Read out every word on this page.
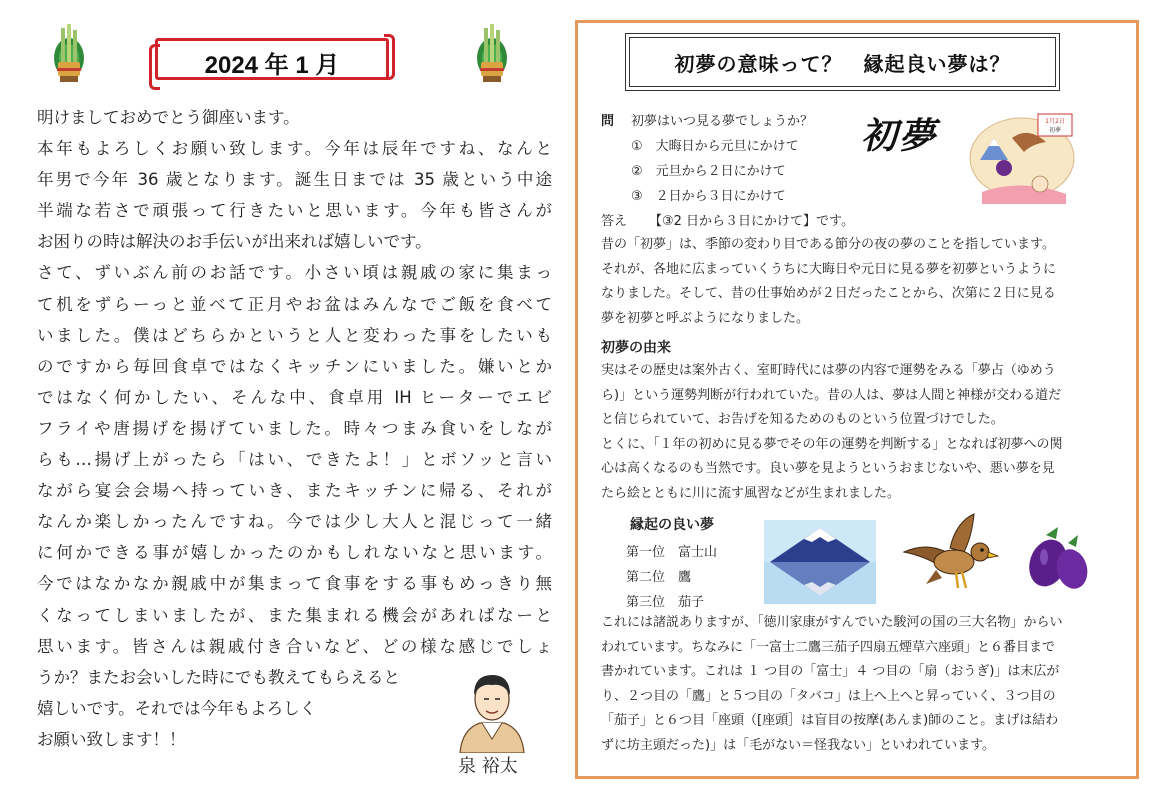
2024 年 1 月
明けましておめでとう御座います。
本年もよろしくお願い致します。今年は辰年ですね、なんと
年男で今年 36 歳となります。誕生日までは 35 歳という中途
半端な若さで頑張って行きたいと思います。今年も皆さんが
お困りの時は解決のお手伝いが出来れば嬉しいです。
さて、ずいぶん前のお話です。小さい頃は親戚の家に集まっ
て机をずらーっと並べて正月やお盆はみんなでご飯を食べて
いました。僕はどちらかというと人と変わった事をしたいも
のですから毎回食卓ではなくキッチンにいました。嫌いとか
ではなく何かしたい、そんな中、食卓用 IH ヒーターでエビ
フライや唐揚げを揚げていました。時々つまみ食いをしなが
らも…揚げ上がったら「はい、できたよ！」とボソッと言い
ながら宴会会場へ持っていき、またキッチンに帰る、それが
なんか楽しかったんですね。今では少し大人と混じって一緒
に何かできる事が嬉しかったのかもしれないなと思います。
今ではなかなか親戚中が集まって食事をする事もめっきり無
くなってしまいましたが、また集まれる機会があればなーと
思います。皆さんは親戚付き合いなど、どの様な感じでしょ
うか？またお会いした時にでも教えてもらえると
嬉しいです。それでは今年もよろしく
お願い致します！！
泉 裕太
初夢の意味って？　縁起良い夢は？
問 初夢はいつ見る夢でしょうか？
①　大晦日から元旦にかけて
②　元旦から２日にかけて
③　２日から３日にかけて
答え 【③2 日から３日にかけて】です。
初夢	1月2日
初夢

昔の「初夢」は、季節の変わり目である節分の夜の夢のことを指しています。

それが、各地に広まっていくうちに大晦日や元日に見る夢を初夢というように

なりました。そして、昔の仕事始めが２日だったことから、次第に２日に見る

夢を初夢と呼ぶようになりました。

初夢の由来

実はその歴史は案外古く、室町時代には夢の内容で運勢をみる「夢占（ゆめう

ら)」という運勢判断が行われていた。昔の人は、夢は人間と神様が交わる道だ

と信じられていて、お告げを知るためのものという位置づけでした。

とくに、「１年の初めに見る夢でその年の運勢を判断する」となれば初夢への関

心は高くなるのも当然です。良い夢を見ようというおまじないや、悪い夢を見

たら絵とともに川に流す風習などが生まれました。

縁起の良い夢
第一位　富士山
第二位　鷹
第三位　茄子

これには諸説ありますが、「徳川家康がすんでいた駿河の国の三大名物」からい

われています。ちなみに「一富士二鷹三茄子四扇五煙草六座頭」と６番目まで

書かれています。これは １ つ目の「富士」４ つ目の「扇（おうぎ)」は末広が

り、２つ目の「鷹」と５つ目の「タバコ」は上へ上へと昇っていく、３つ目の

「茄子」と６つ目「座頭（[座頭］は盲目の按摩(あんま)師のこと。まげは結わ

ずに坊主頭だった)」は「毛がない＝怪我ない」といわれています。
